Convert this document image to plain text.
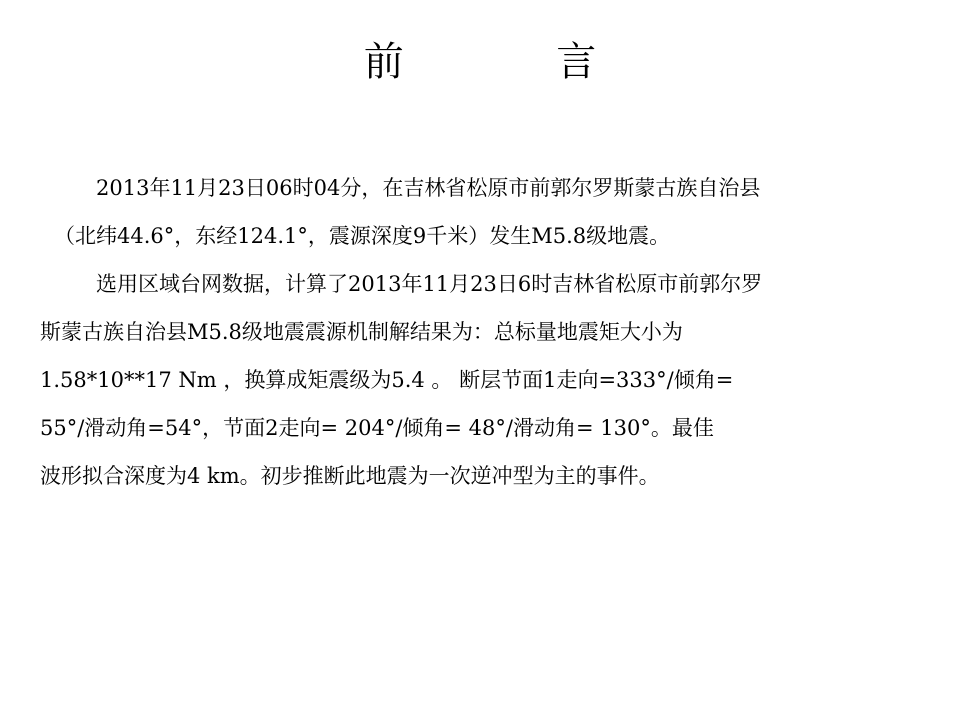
前            言
2013年11月23日06时04分，在吉林省松原市前郭尔罗斯蒙古族自治县
（北纬44.6°，东经124.1°，震源深度9千米）发生M5.8级地震。
选用区域台网数据，计算了2013年11月23日6时吉林省松原市前郭尔罗
斯蒙古族自治县M5.8级地震震源机制解结果为：总标量地震矩大小为
1.58*10**17 Nm ，换算成矩震级为5.4 。 断层节面1走向=333°/倾角=
55°/滑动角=54°，节面2走向= 204°/倾角= 48°/滑动角= 130°。最佳
波形拟合深度为4 km。初步推断此地震为一次逆冲型为主的事件。
